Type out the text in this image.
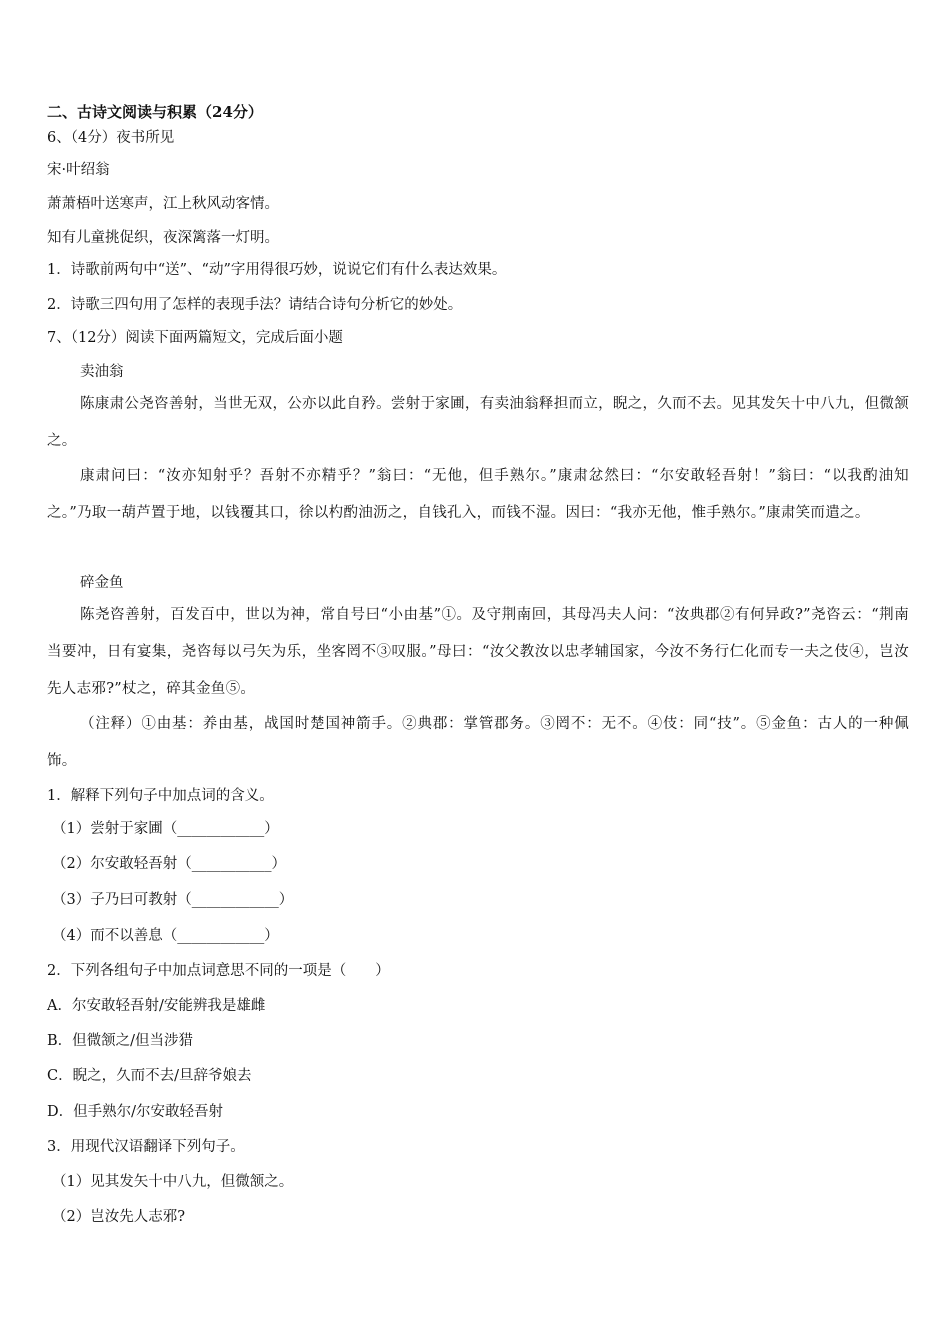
二、古诗文阅读与积累（24分）
6、（4分）夜书所见
宋·叶绍翁
萧萧梧叶送寒声，江上秋风动客情。
知有儿童挑促织，夜深篱落一灯明。
1．诗歌前两句中“送”、“动”字用得很巧妙，说说它们有什么表达效果。
2．诗歌三四句用了怎样的表现手法？请结合诗句分析它的妙处。
7、（12分）阅读下面两篇短文，完成后面小题
卖油翁
陈康肃公尧咨善射，当世无双，公亦以此自矜。尝射于家圃，有卖油翁释担而立，睨之，久而不去。见其发矢十中八九，但微颔之。
康肃问曰：“汝亦知射乎？吾射不亦精乎？”翁曰：“无他，但手熟尔。”康肃忿然曰：“尔安敢轻吾射！”翁曰：“以我酌油知之。”乃取一葫芦置于地，以钱覆其口，徐以杓酌油沥之，自钱孔入，而钱不湿。因曰：“我亦无他，惟手熟尔。”康肃笑而遣之。
碎金鱼
陈尧咨善射，百发百中，世以为神，常自号曰“小由基”①。及守荆南回，其母冯夫人问：“汝典郡②有何异政?”尧咨云：“荆南当要冲，日有宴集，尧咨每以弓矢为乐，坐客罔不③叹服。”母曰：“汝父教汝以忠孝辅国家，今汝不务行仁化而专一夫之伎④，岂汝先人志邪?”杖之，碎其金鱼⑤。
（注释）①由基：养由基，战国时楚国神箭手。②典郡：掌管郡务。③罔不：无不。④伎：同“技”。⑤金鱼：古人的一种佩饰。
1．解释下列句子中加点词的含义。
（1）尝射于家圃（____________）
（2）尔安敢轻吾射（___________）
（3）子乃曰可教射（____________）
（4）而不以善息（____________）
2．下列各组句子中加点词意思不同的一项是（　　）
A．尔安敢轻吾射/安能辨我是雄雌
B．但微颔之/但当涉猎
C．睨之，久而不去/旦辞爷娘去
D．但手熟尔/尔安敢轻吾射
3．用现代汉语翻译下列句子。
（1）见其发矢十中八九，但微颔之。
（2）岂汝先人志邪?
